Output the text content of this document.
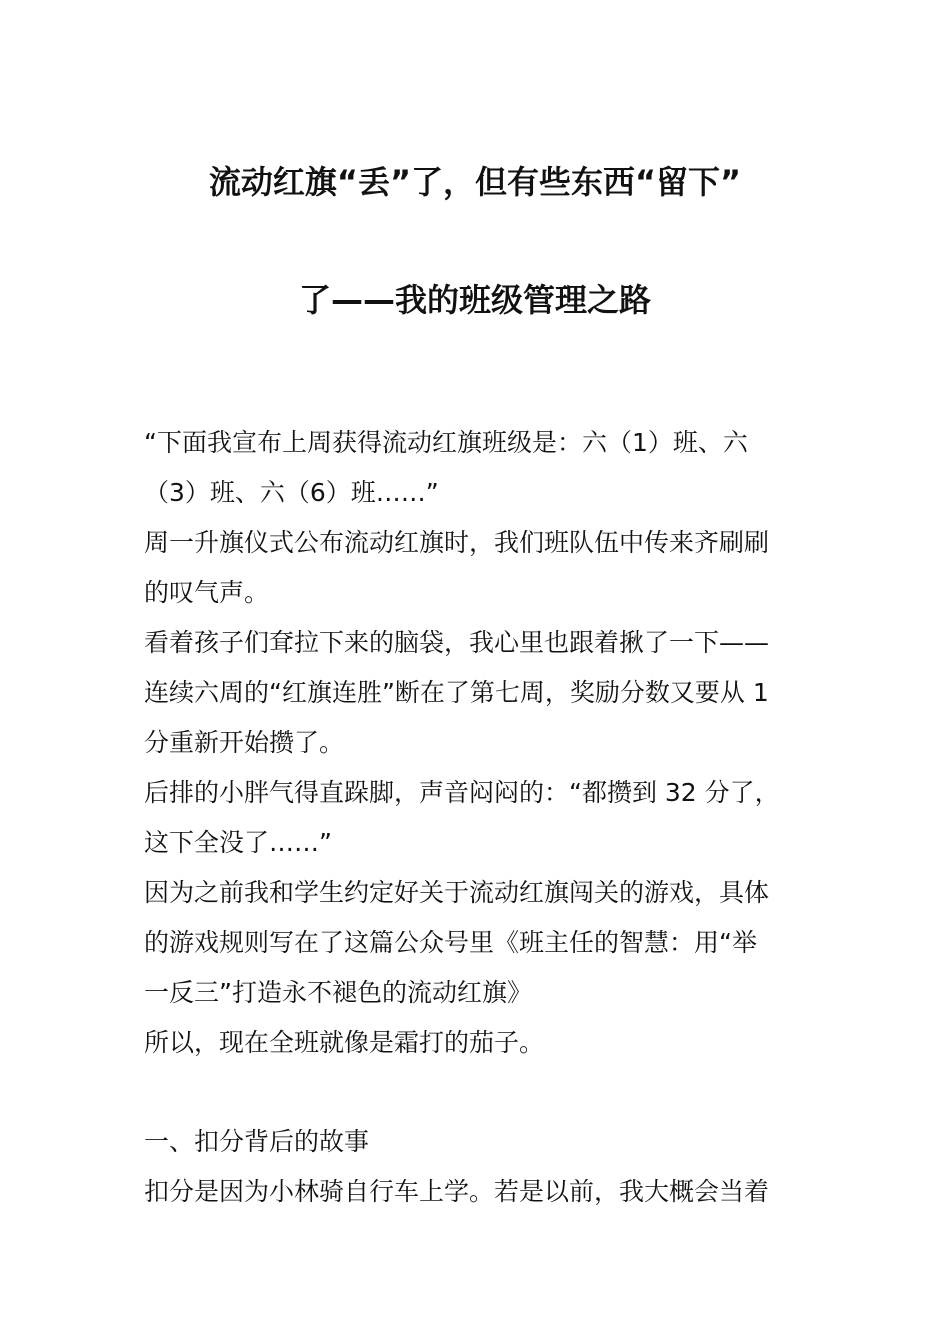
流动红旗“丢”了，但有些东西“留下”
了——我的班级管理之路
“下面我宣布上周获得流动红旗班级是：六（1）班、六
（3）班、六（6）班……”
周一升旗仪式公布流动红旗时，我们班队伍中传来齐刷刷
的叹气声。
看着孩子们耷拉下来的脑袋，我心里也跟着揪了一下——
连续六周的“红旗连胜”断在了第七周，奖励分数又要从 1
分重新开始攒了。
后排的小胖气得直跺脚，声音闷闷的：“都攒到 32 分了，
这下全没了……”
因为之前我和学生约定好关于流动红旗闯关的游戏，具体
的游戏规则写在了这篇公众号里《班主任的智慧：用“举
一反三”打造永不褪色的流动红旗》
所以，现在全班就像是霜打的茄子。
一、扣分背后的故事
扣分是因为小林骑自行车上学。若是以前，我大概会当着
